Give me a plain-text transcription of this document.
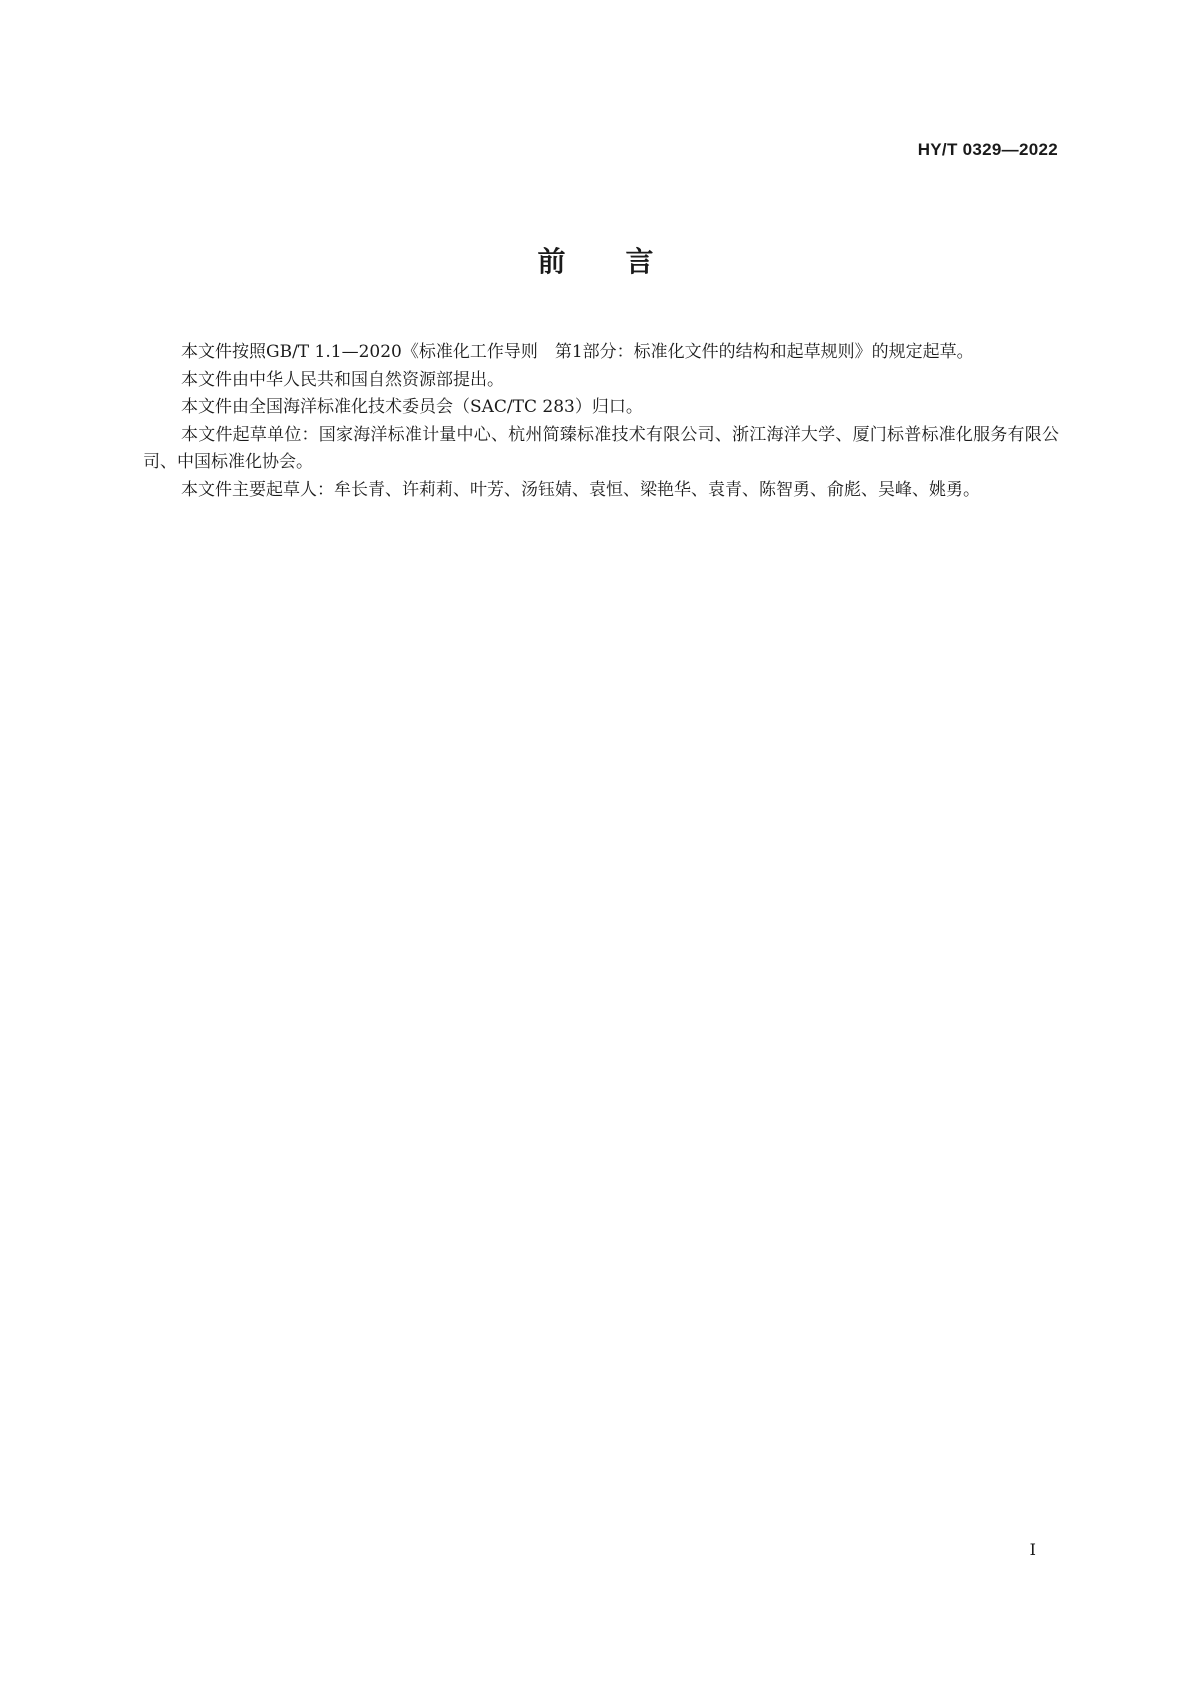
HY/T 0329—2022
前言

本文件按照GB/T 1.1—2020《标准化工作导则　第1部分：标准化文件的结构和起草规则》的规定起草。

本文件由中华人民共和国自然资源部提出。

本文件由全国海洋标准化技术委员会（SAC/TC 283）归口。

本文件起草单位：国家海洋标准计量中心、杭州简臻标准技术有限公司、浙江海洋大学、厦门标普标准化服务有限公司、中国标准化协会。

本文件主要起草人：牟长青、许莉莉、叶芳、汤钰婧、袁恒、梁艳华、袁青、陈智勇、俞彪、吴峰、姚勇。

Ⅰ
